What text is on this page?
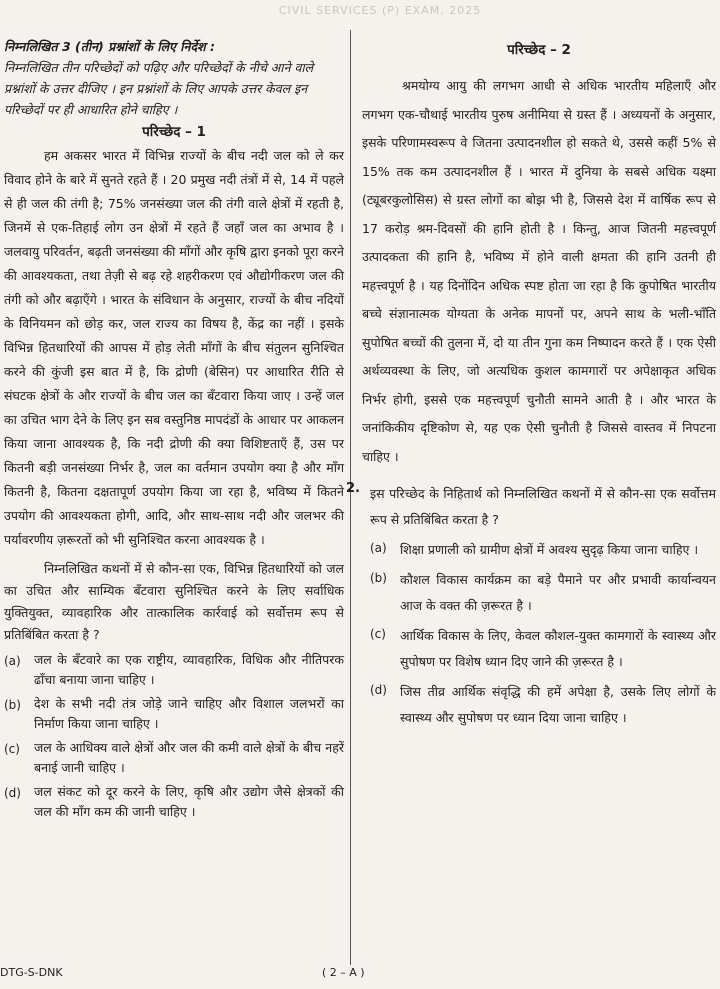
CIVIL SERVICES (P) EXAM, 2025

निम्नलिखित 3 (तीन) प्रश्नांशों के लिए निर्देश :
निम्नलिखित तीन परिच्छेदों को पढ़िए और परिच्छेदों के नीचे आने वाले प्रश्नांशों के उत्तर दीजिए । इन प्रश्नांशों के लिए आपके उत्तर केवल इन परिच्छेदों पर ही आधारित होने चाहिए ।

परिच्छेद – 1

हम अकसर भारत में विभिन्न राज्यों के बीच नदी जल को ले कर विवाद होने के बारे में सुनते रहते हैं । 20 प्रमुख नदी तंत्रों में से, 14 में पहले से ही जल की तंगी है; 75% जनसंख्या जल की तंगी वाले क्षेत्रों में रहती है, जिनमें से एक-तिहाई लोग उन क्षेत्रों में रहते हैं जहाँ जल का अभाव है । जलवायु परिवर्तन, बढ़ती जनसंख्या की माँगों और कृषि द्वारा इनको पूरा करने की आवश्यकता, तथा तेज़ी से बढ़ रहे शहरीकरण एवं औद्योगीकरण जल की तंगी को और बढ़ाएँगे । भारत के संविधान के अनुसार, राज्यों के बीच नदियों के विनियमन को छोड़ कर, जल राज्य का विषय है, केंद्र का नहीं । इसके विभिन्न हितधारियों की आपस में होड़ लेती माँगों के बीच संतुलन सुनिश्चित करने की कुंजी इस बात में है, कि द्रोणी (बेसिन) पर आधारित रीति से संघटक क्षेत्रों के और राज्यों के बीच जल का बँटवारा किया जाए । उन्हें जल का उचित भाग देने के लिए इन सब वस्तुनिष्ठ मापदंडों के आधार पर आकलन किया जाना आवश्यक है, कि नदी द्रोणी की क्या विशिष्टताएँ हैं, उस पर कितनी बड़ी जनसंख्या निर्भर है, जल का वर्तमान उपयोग क्या है और माँग कितनी है, कितना दक्षतापूर्ण उपयोग किया जा रहा है, भविष्य में कितने उपयोग की आवश्यकता होगी, आदि, और साथ-साथ नदी और जलभर की पर्यावरणीय ज़रूरतों को भी सुनिश्चित करना आवश्यक है ।

निम्नलिखित कथनों में से कौन-सा एक, विभिन्न हितधारियों को जल का उचित और साम्यिक बँटवारा सुनिश्चित करने के लिए सर्वाधिक युक्तियुक्त, व्यावहारिक और तात्कालिक कार्रवाई को सर्वोत्तम रूप से प्रतिबिंबित करता है ?

(a)	जल के बँटवारे का एक राष्ट्रीय, व्यावहारिक, विधिक और नीतिपरक ढाँचा बनाया जाना चाहिए ।
(b)	देश के सभी नदी तंत्र जोड़े जाने चाहिए और विशाल जलभरों का निर्माण किया जाना चाहिए ।
(c)	जल के आधिक्य वाले क्षेत्रों और जल की कमी वाले क्षेत्रों के बीच नहरें बनाई जानी चाहिए ।
(d)	जल संकट को दूर करने के लिए, कृषि और उद्योग जैसे क्षेत्रकों की जल की माँग कम की जानी चाहिए ।
परिच्छेद – 2

श्रमयोग्य आयु की लगभग आधी से अधिक भारतीय महिलाएँ और लगभग एक-चौथाई भारतीय पुरुष अनीमिया से ग्रस्त हैं । अध्ययनों के अनुसार, इसके परिणामस्वरूप वे जितना उत्पादनशील हो सकते थे, उससे कहीं 5% से 15% तक कम उत्पादनशील हैं । भारत में दुनिया के सबसे अधिक यक्ष्मा (ट्यूबरकुलोसिस) से ग्रस्त लोगों का बोझ भी है, जिससे देश में वार्षिक रूप से 17 करोड़ श्रम-दिवसों की हानि होती है । किन्तु, आज जितनी महत्त्वपूर्ण उत्पादकता की हानि है, भविष्य में होने वाली क्षमता की हानि उतनी ही महत्त्वपूर्ण है । यह दिनोंदिन अधिक स्पष्ट होता जा रहा है कि कुपोषित भारतीय बच्चे संज्ञानात्मक योग्यता के अनेक मापनों पर, अपने साथ के भली-भाँति सुपोषित बच्चों की तुलना में, दो या तीन गुना कम निष्पादन करते हैं । एक ऐसी अर्थव्यवस्था के लिए, जो अत्यधिक कुशल कामगारों पर अपेक्षाकृत अधिक निर्भर होगी, इससे एक महत्त्वपूर्ण चुनौती सामने आती है । और भारत के जनांकिकीय दृष्टिकोण से, यह एक ऐसी चुनौती है जिससे वास्तव में निपटना चाहिए ।

2. इस परिच्छेद के निहितार्थ को निम्नलिखित कथनों में से कौन-सा एक सर्वोत्तम रूप से प्रतिबिंबित करता है ?
(a)	शिक्षा प्रणाली को ग्रामीण क्षेत्रों में अवश्य सुदृढ़ किया जाना चाहिए ।
(b)	कौशल विकास कार्यक्रम का बड़े पैमाने पर और प्रभावी कार्यान्वयन आज के वक्त की ज़रूरत है ।
(c)	आर्थिक विकास के लिए, केवल कौशल-युक्त कामगारों के स्वास्थ्य और सुपोषण पर विशेष ध्यान दिए जाने की ज़रूरत है ।
(d)	जिस तीव्र आर्थिक संवृद्धि की हमें अपेक्षा है, उसके लिए लोगों के स्वास्थ्य और सुपोषण पर ध्यान दिया जाना चाहिए ।
DTG-S-DNK	( 2 – A )
